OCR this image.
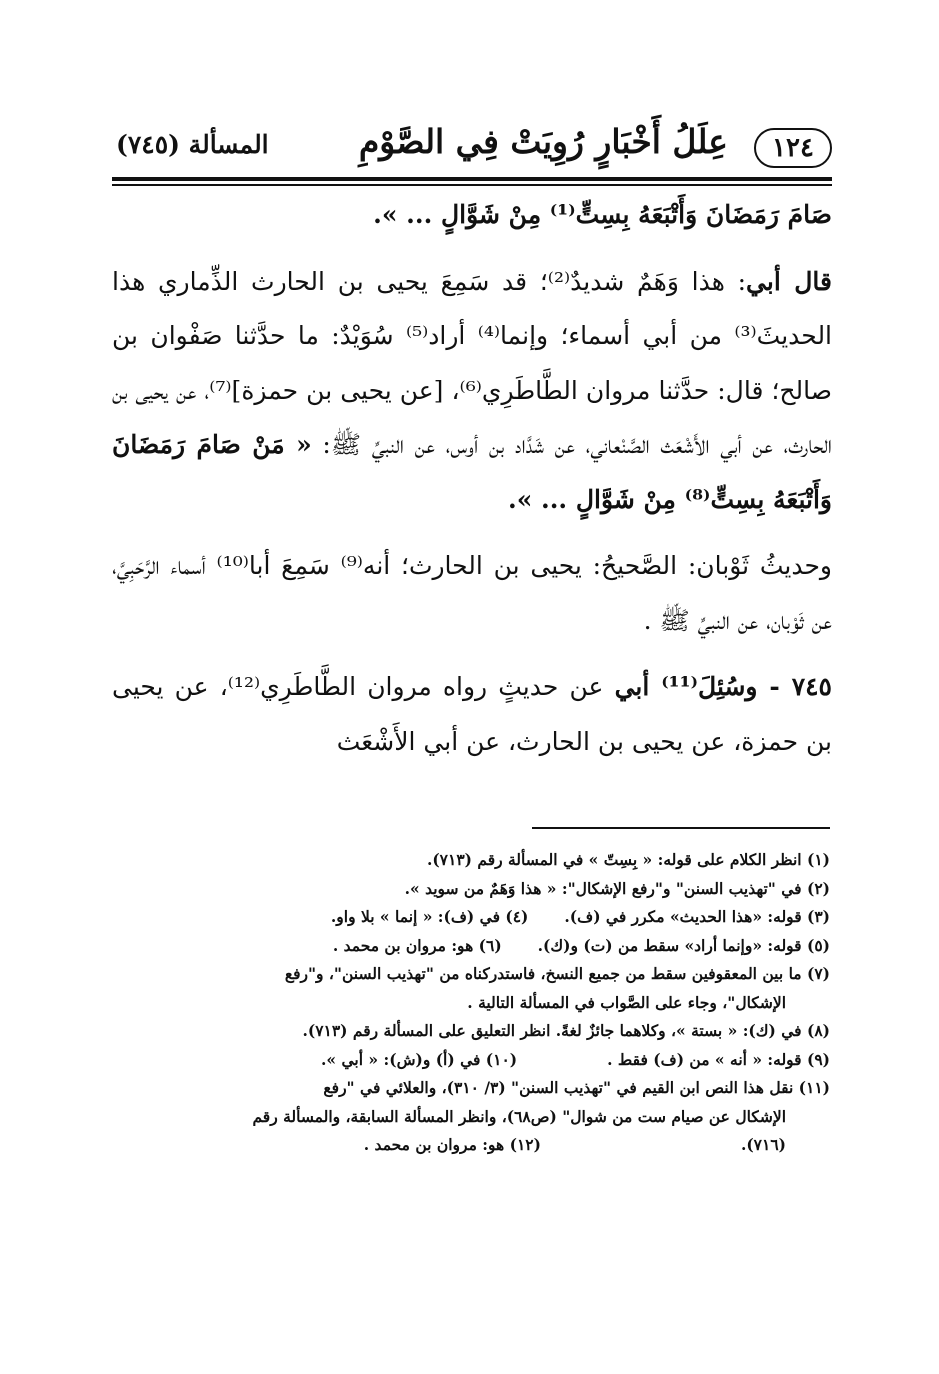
١٢٤
عِلَلُ أَخْبَارٍ رُوِيَتْ فِي الصَّوْمِ
المسألة (٧٤٥)

صَامَ رَمَضَانَ وَأَتْبَعَهُ بِسِتٍّ⁽¹⁾ مِنْ شَوَّالٍ ... ».

قال أبي: هذا وَهَمٌ شديدٌ⁽²⁾؛ قد سَمِعَ يحيى بن الحارث الذِّماري هذا الحديثَ⁽³⁾ من أبي أسماء؛ وإنما⁽⁴⁾ أراد⁽⁵⁾ سُوَيْدٌ: ما حدَّثنا صَفْوان بن صالح؛ قال: حدَّثنا مروان الطَّاطَرِي⁽⁶⁾، [عن يحيى بن حمزة]⁽⁷⁾، عن يحيى بن الحارث، عن أبي الأَشْعَث الصَّنْعاني، عن شَدَّاد بن أوس، عن النبيِّ ﷺ: « مَنْ صَامَ رَمَضَانَ وَأَتْبَعَهُ بِسِتٍّ⁽⁸⁾ مِنْ شَوَّالٍ ... ».

وحديثُ ثَوْبان: الصَّحيحُ: يحيى بن الحارث؛ أنه⁽⁹⁾ سَمِعَ أبا⁽¹⁰⁾ أسماء الرَّحَبِيَّ، عن ثَوْبان، عن النبيِّ ﷺ .

٧٤٥ - وسُئِلَ⁽¹¹⁾ أبي عن حديثٍ رواه مروان الطَّاطَرِي⁽¹²⁾، عن يحيى بن حمزة، عن يحيى بن الحارث، عن أبي الأَشْعَث

(١) انظر الكلام على قوله: « بِسِتّ » في المسألة رقم (٧١٣).
(٢) في "تهذيب السنن" و"رفع الإشكال": « هذا وَهَمٌ من سويد ».
(٣) قوله: «هذا الحديث» مكرر في (ف).
(٤) في (ف): « إنما » بلا واو.
(٥) قوله: «وإنما أراد» سقط من (ت) و(ك).
(٦) هو: مروان بن محمد .
(٧) ما بين المعقوفين سقط من جميع النسخ، فاستدركناه من "تهذيب السنن"، و"رفع
الإشكال"، وجاء على الصَّواب في المسألة التالية .
(٨) في (ك): « بستة »، وكلاهما جائزٌ لغةً. انظر التعليق على المسألة رقم (٧١٣).
(٩) قوله: « أنه » من (ف) فقط .
(١٠) في (أ) و(ش): « أبي ».
(١١) نقل هذا النص ابن القيم في "تهذيب السنن" (٣/ ٣١٠)، والعلائي في "رفع
الإشكال عن صيام ست من شوال" (ص٦٨)، وانظر المسألة السابقة، والمسألة رقم
(٧١٦).
(١٢) هو: مروان بن محمد .
